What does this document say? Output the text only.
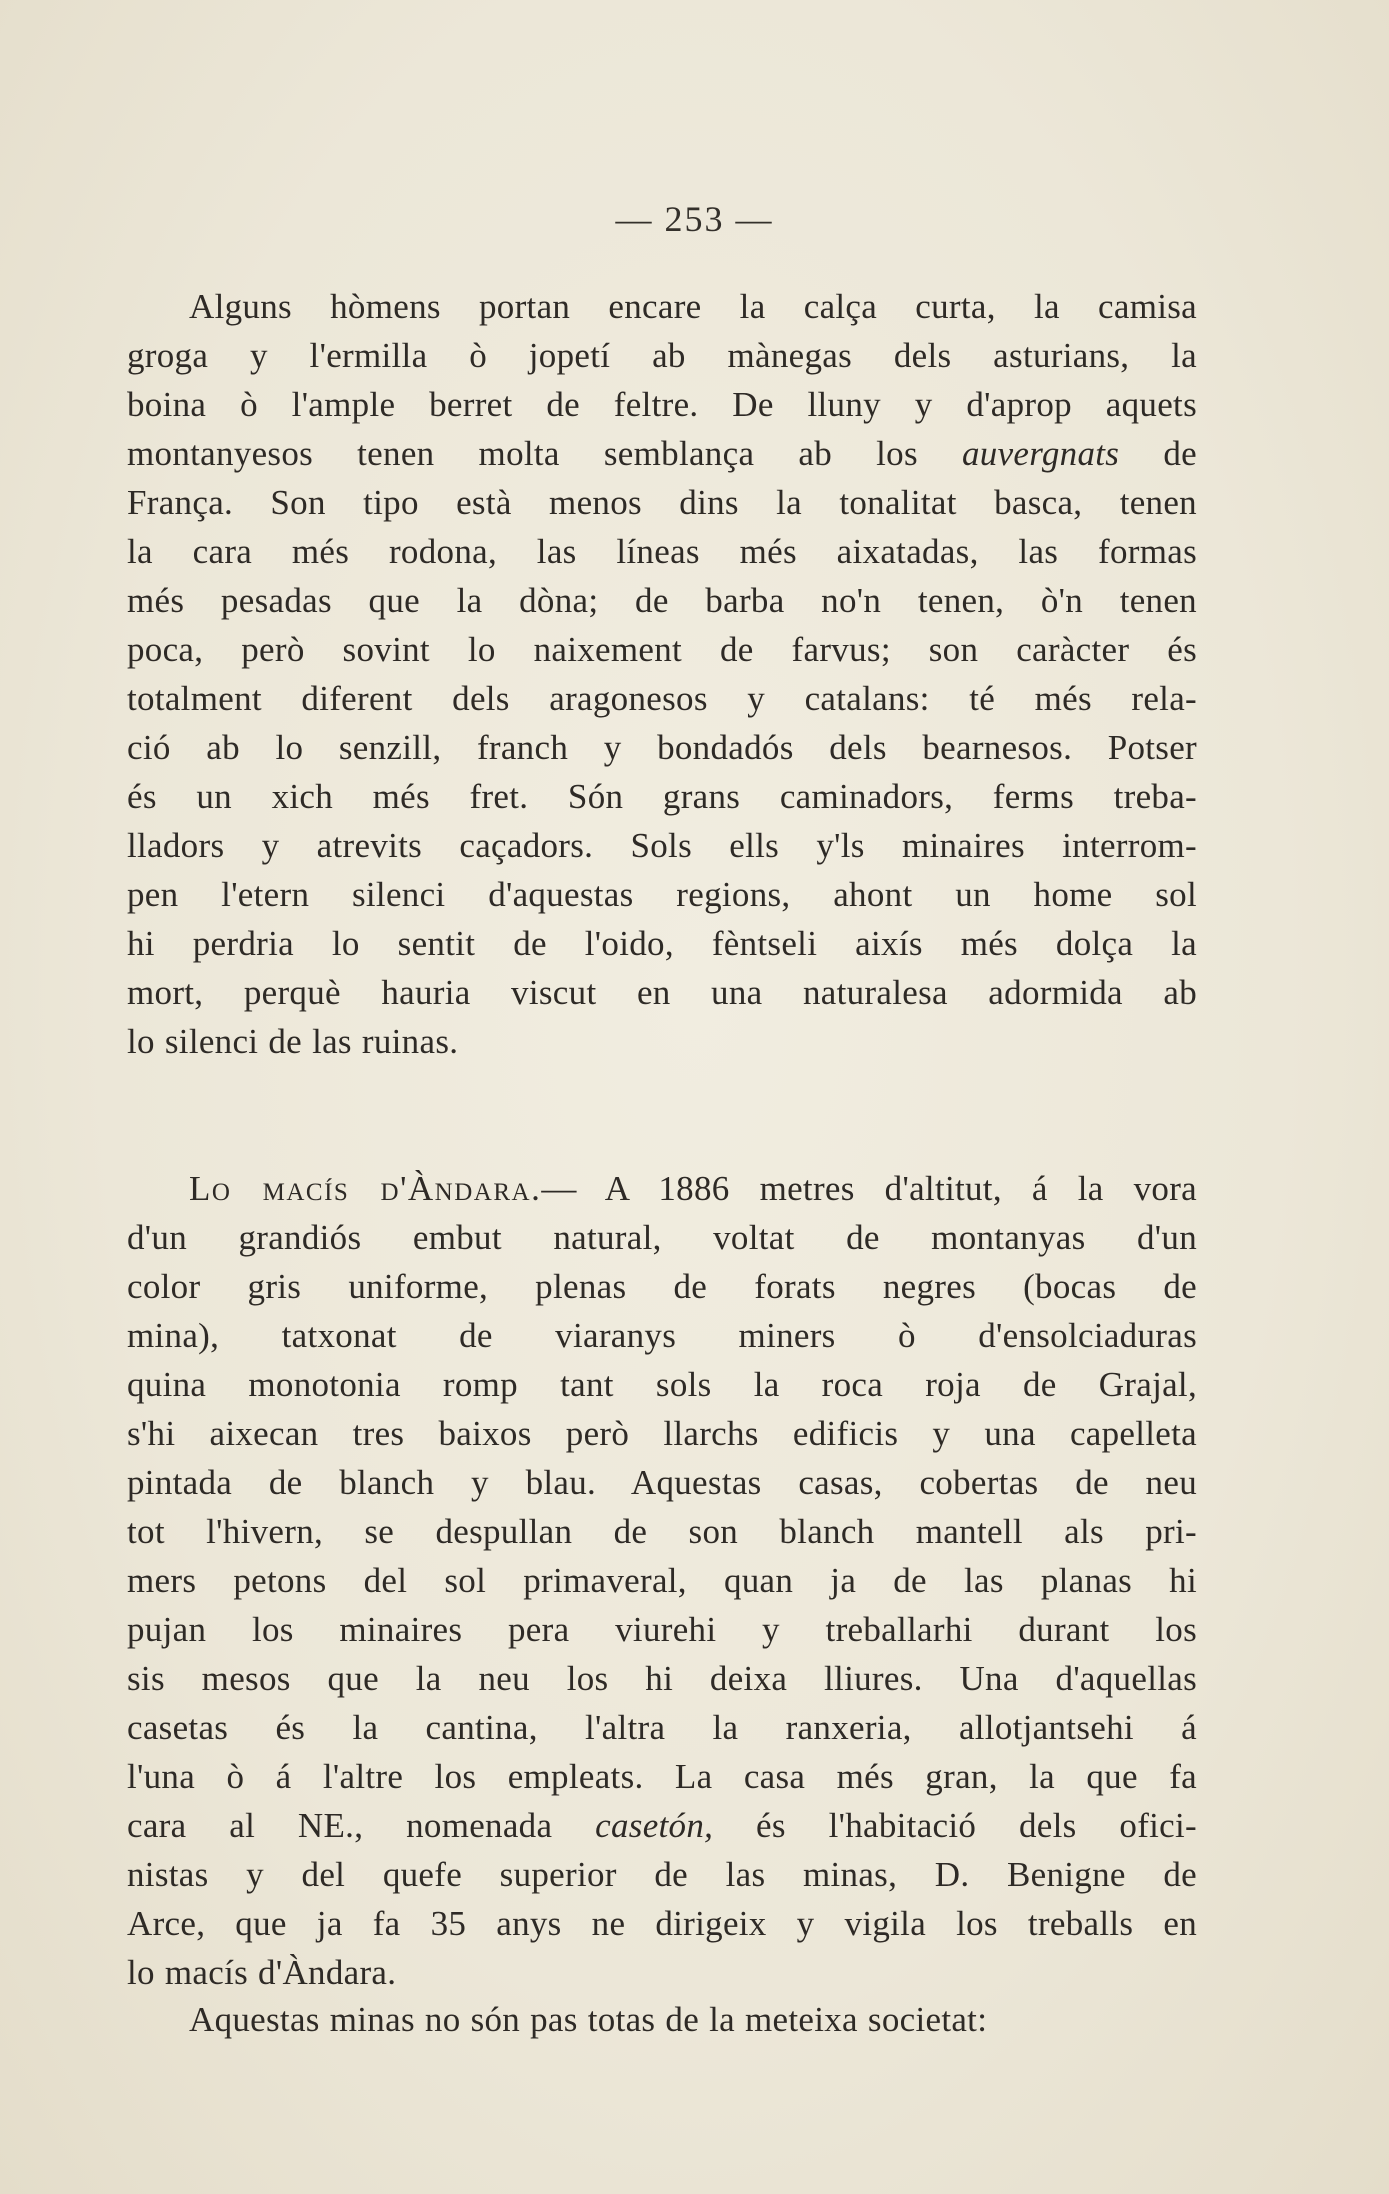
— 253 —
Alguns hòmens portan encare la calça curta, la camisa
groga y l'ermilla ò jopetí ab mànegas dels asturians, la
boina ò l'ample berret de feltre. De lluny y d'aprop aquets
montanyesos tenen molta semblança ab los auvergnats de
França. Son tipo està menos dins la tonalitat basca, tenen
la cara més rodona, las líneas més aixatadas, las formas
més pesadas que la dòna; de barba no'n tenen, ò'n tenen
poca, però sovint lo naixement de farvus; son caràcter és
totalment diferent dels aragonesos y catalans: té més rela-
ció ab lo senzill, franch y bondadós dels bearnesos. Potser
és un xich més fret. Són grans caminadors, ferms treba-
lladors y atrevits caçadors. Sols ells y'ls minaires interrom-
pen l'etern silenci d'aquestas regions, ahont un home sol
hi perdria lo sentit de l'oido, fèntseli aixís més dolça la
mort, perquè hauria viscut en una naturalesa adormida ab
lo silenci de las ruinas.
Lo macís d'Àndara.— A 1886 metres d'altitut, á la vora
d'un grandiós embut natural, voltat de montanyas d'un
color gris uniforme, plenas de forats negres (bocas de
mina), tatxonat de viaranys miners ò d'ensolciaduras
quina monotonia romp tant sols la roca roja de Grajal,
s'hi aixecan tres baixos però llarchs edificis y una capelleta
pintada de blanch y blau. Aquestas casas, cobertas de neu
tot l'hivern, se despullan de son blanch mantell als pri-
mers petons del sol primaveral, quan ja de las planas hi
pujan los minaires pera viurehi y treballarhi durant los
sis mesos que la neu los hi deixa lliures. Una d'aquellas
casetas és la cantina, l'altra la ranxeria, allotjantsehi á
l'una ò á l'altre los empleats. La casa més gran, la que fa
cara al NE., nomenada casetón, és l'habitació dels ofici-
nistas y del quefe superior de las minas, D. Benigne de
Arce, que ja fa 35 anys ne dirigeix y vigila los treballs en
lo macís d'Àndara.
Aquestas minas no són pas totas de la meteixa societat:
